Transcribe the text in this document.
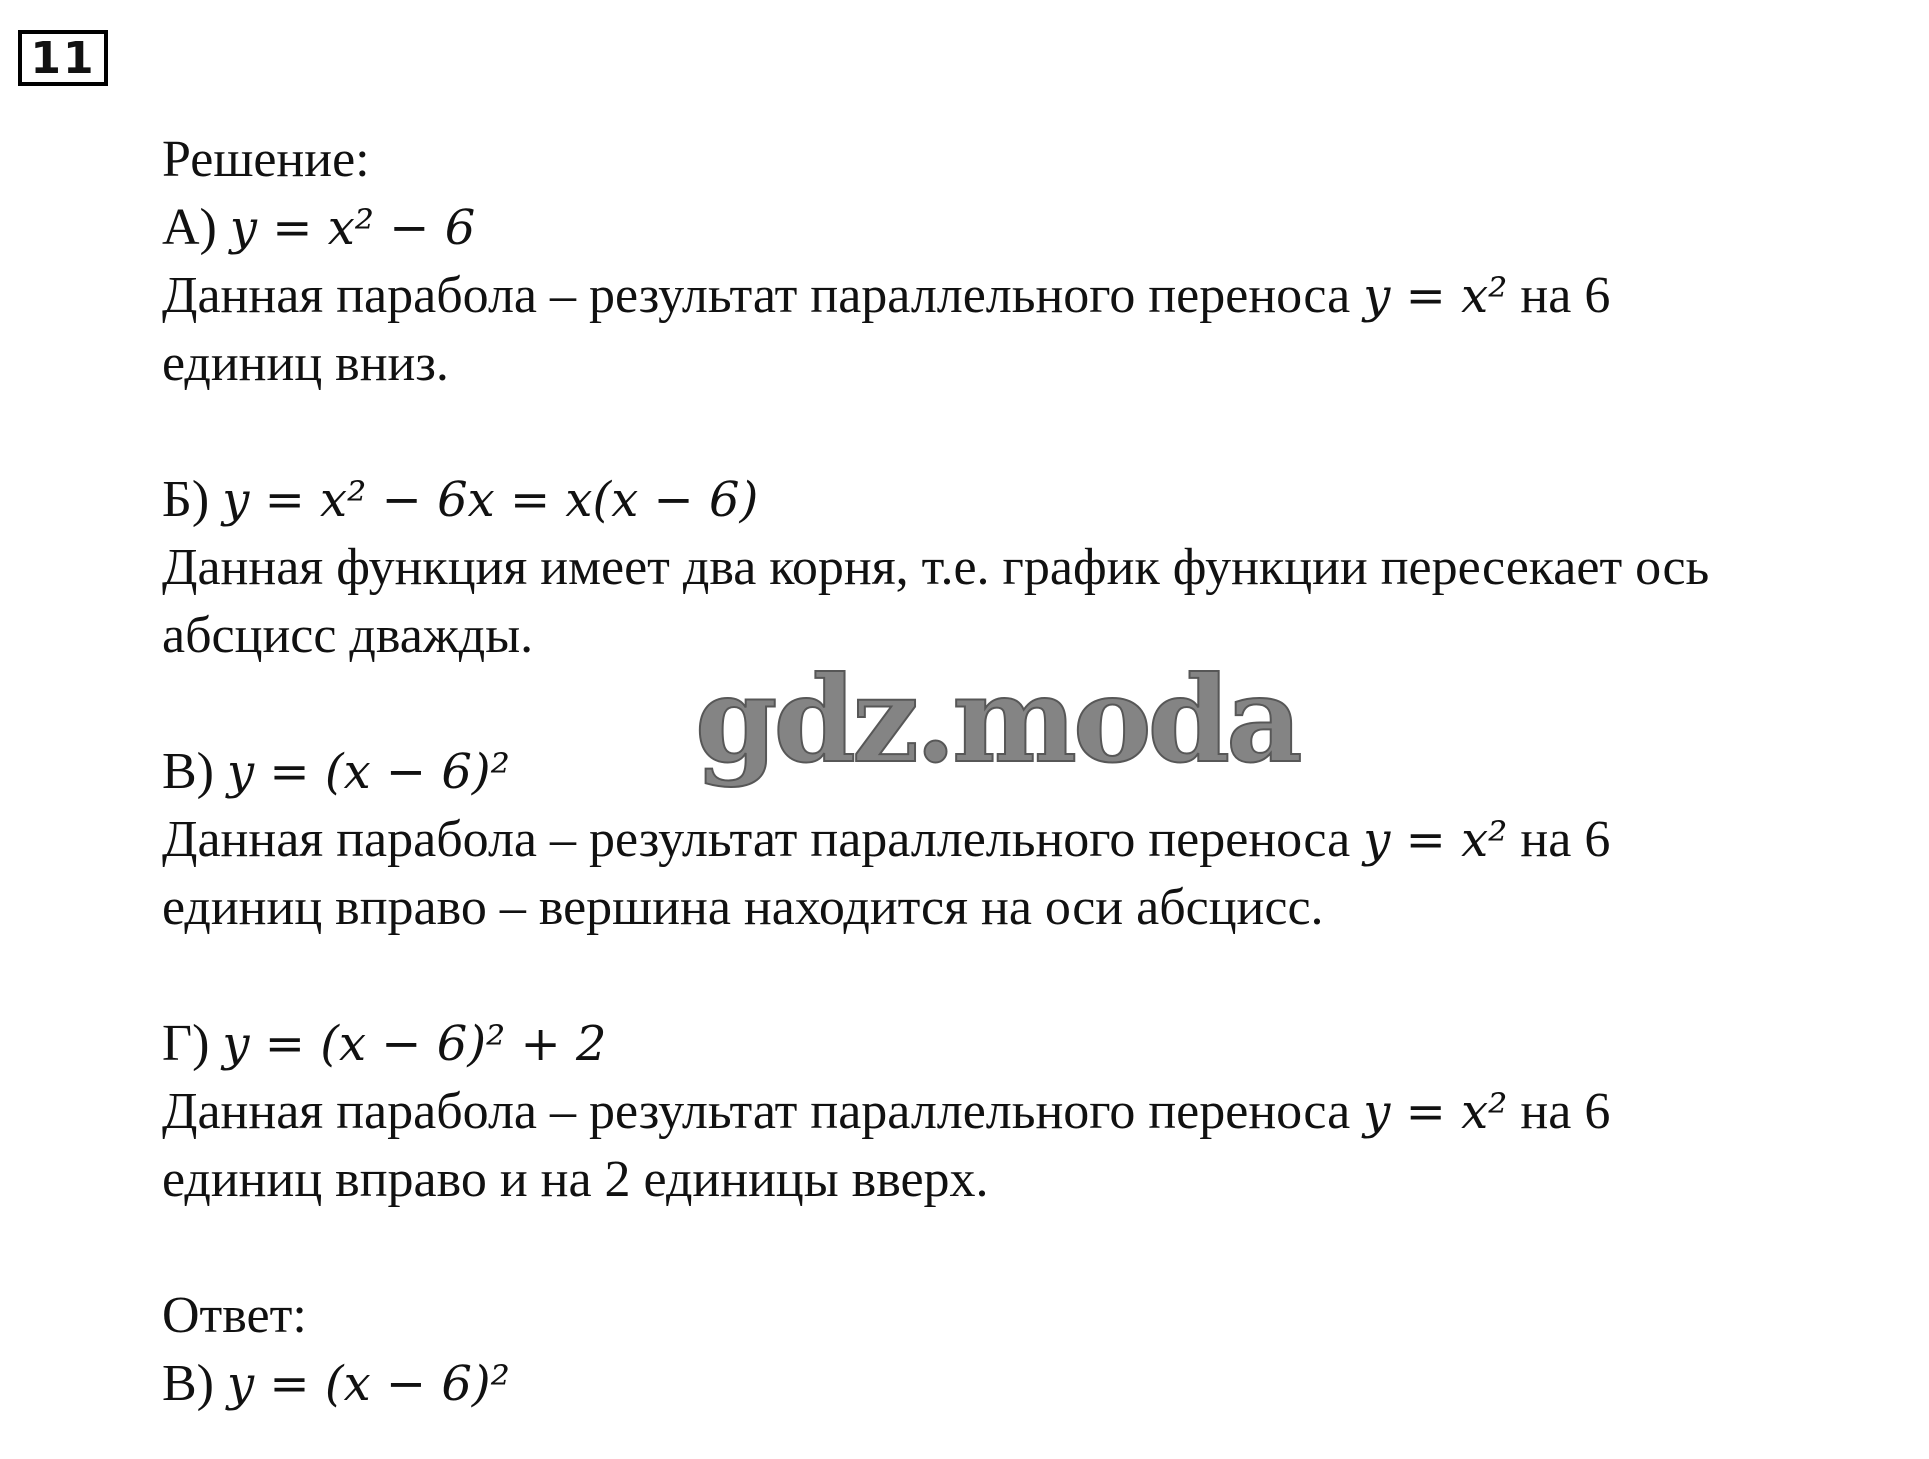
11
Решение:
А) y = x² − 6
Данная парабола – результат параллельного переноса y = x² на 6
единиц вниз.
Б) y = x² − 6x = x(x − 6)
Данная функция имеет два корня, т.е. график функции пересекает ось
абсцисс дважды.
В) y = (x − 6)²
Данная парабола – результат параллельного переноса y = x² на 6
единиц вправо – вершина находится на оси абсцисс.
Г) y = (x − 6)² + 2
Данная парабола – результат параллельного переноса y = x² на 6
единиц вправо и на 2 единицы вверх.
Ответ:
В) y = (x − 6)²
gdz.moda
